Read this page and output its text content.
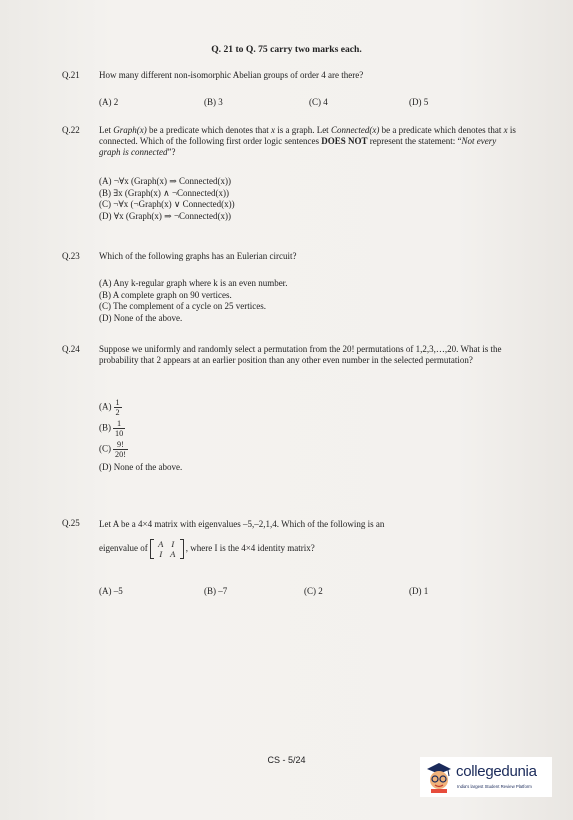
Q. 21 to Q. 75 carry two marks each.
Q.21 How many different non-isomorphic Abelian groups of order 4 are there?
(A) 2	(B) 3	(C) 4	(D) 5
Q.22 Let Graph(x) be a predicate which denotes that x is a graph. Let Connected(x) be a predicate which denotes that x is connected. Which of the following first order logic sentences DOES NOT represent the statement: “Not every graph is connected”?
(A) ¬∀x (Graph(x) ⇒ Connected(x))
(B) ∃x (Graph(x) ∧ ¬Connected(x))
(C) ¬∀x (¬Graph(x) ∨ Connected(x))
(D) ∀x (Graph(x) ⇒ ¬Connected(x))
Q.23 Which of the following graphs has an Eulerian circuit?
(A) Any k-regular graph where k is an even number.
(B) A complete graph on 90 vertices.
(C) The complement of a cycle on 25 vertices.
(D) None of the above.
Q.24 Suppose we uniformly and randomly select a permutation from the 20! permutations of 1,2,3,…,20. What is the probability that 2 appears at an earlier position than any other even number in the selected permutation?
$(A) \frac{1}{2}$
$(B) \frac{1}{10}$
$(C) \frac{9!}{20!}$
(D) None of the above.
Q.25 Let A be a 4×4 matrix with eigenvalues –5,–2,1,4. Which of the following is an
eigenvalue of A I
I A, where I is the 4×4 identity matrix?
(A) –5	(B) –7	(C) 2	(D) 1
CS - 5/24
collegedunia
India's largest Student Review Platform
